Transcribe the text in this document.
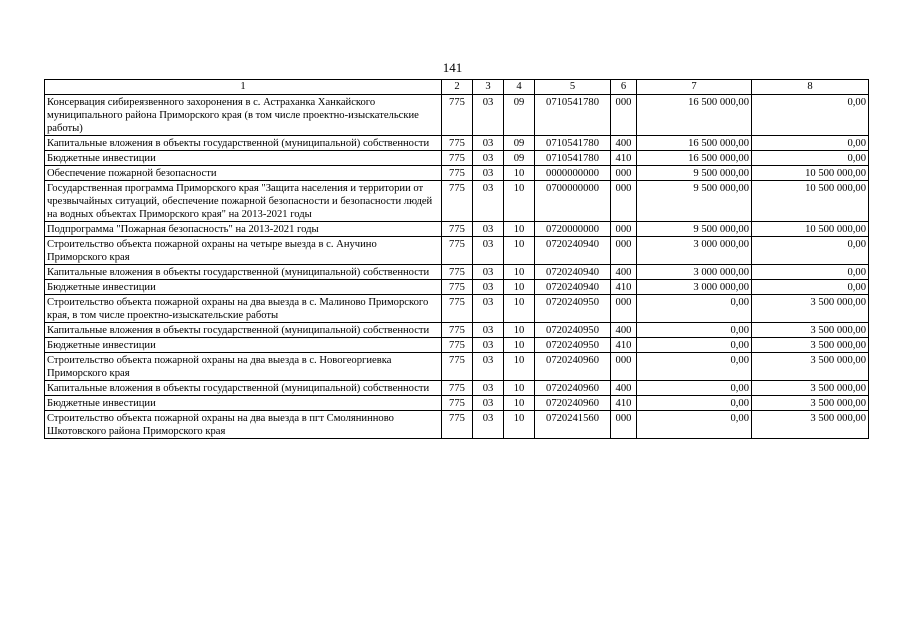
141
1	2	3	4	5	6	7	8
Консервация сибиреязвенного захоронения в с. Астраханка Ханкайского муниципального района Приморского края (в том числе проектно-изыскательские работы)	775	03	09	0710541780	000	16 500 000,00	0,00
Капитальные вложения в объекты государственной (муниципальной) собственности	775	03	09	0710541780	400	16 500 000,00	0,00
Бюджетные инвестиции	775	03	09	0710541780	410	16 500 000,00	0,00
Обеспечение пожарной безопасности	775	03	10	0000000000	000	9 500 000,00	10 500 000,00
Государственная программа Приморского края "Защита населения и территории от чрезвычайных ситуаций, обеспечение пожарной безопасности и безопасности людей на водных объектах Приморского края" на 2013-2021 годы	775	03	10	0700000000	000	9 500 000,00	10 500 000,00
Подпрограмма "Пожарная безопасность" на 2013-2021 годы	775	03	10	0720000000	000	9 500 000,00	10 500 000,00
Строительство объекта пожарной охраны на четыре выезда в с. Анучино Приморского края	775	03	10	0720240940	000	3 000 000,00	0,00
Капитальные вложения в объекты государственной (муниципальной) собственности	775	03	10	0720240940	400	3 000 000,00	0,00
Бюджетные инвестиции	775	03	10	0720240940	410	3 000 000,00	0,00
Строительство объекта пожарной охраны на два выезда в с. Малиново Приморского края, в том числе проектно-изыскательские работы	775	03	10	0720240950	000	0,00	3 500 000,00
Капитальные вложения в объекты государственной (муниципальной) собственности	775	03	10	0720240950	400	0,00	3 500 000,00
Бюджетные инвестиции	775	03	10	0720240950	410	0,00	3 500 000,00
Строительство объекта пожарной охраны на два выезда в с. Новогеоргиевка Приморского края	775	03	10	0720240960	000	0,00	3 500 000,00
Капитальные вложения в объекты государственной (муниципальной) собственности	775	03	10	0720240960	400	0,00	3 500 000,00
Бюджетные инвестиции	775	03	10	0720240960	410	0,00	3 500 000,00
Строительство объекта пожарной охраны на два выезда в пгт Смолянинново Шкотовского района Приморского края	775	03	10	0720241560	000	0,00	3 500 000,00
